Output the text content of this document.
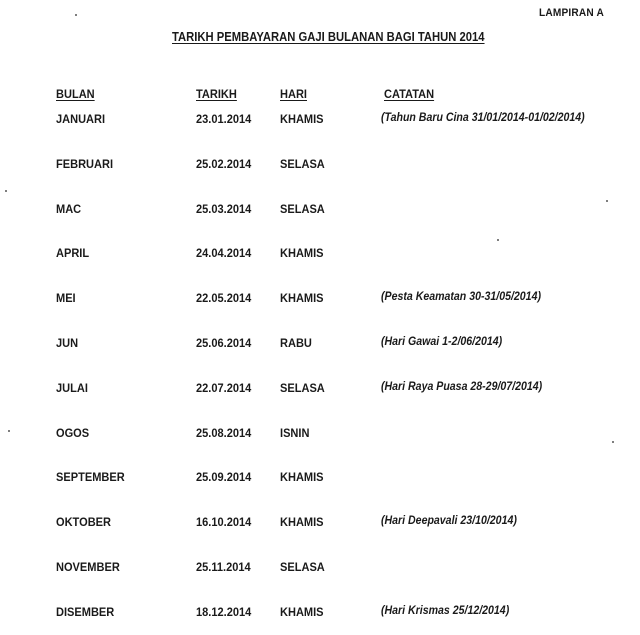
LAMPIRAN A
TARIKH PEMBAYARAN GAJI BULANAN BAGI TAHUN 2014
BULAN	TARIKH	HARI	CATATAN
JANUARI	23.01.2014 KHAMIS	(Tahun Baru Cina 31/01/2014-01/02/2014)
FEBRUARI	25.02.2014 SELASA
MAC	25.03.2014 SELASA
APRIL	24.04.2014 KHAMIS
MEI	22.05.2014 KHAMIS	(Pesta Keamatan 30-31/05/2014)
JUN	25.06.2014 RABU	(Hari Gawai 1-2/06/2014)
JULAI	22.07.2014 SELASA	(Hari Raya Puasa 28-29/07/2014)
OGOS	25.08.2014 ISNIN
SEPTEMBER	25.09.2014 KHAMIS
OKTOBER	16.10.2014 KHAMIS	(Hari Deepavali 23/10/2014)
NOVEMBER	25.11.2014 SELASA
DISEMBER	18.12.2014 KHAMIS	(Hari Krismas 25/12/2014)
